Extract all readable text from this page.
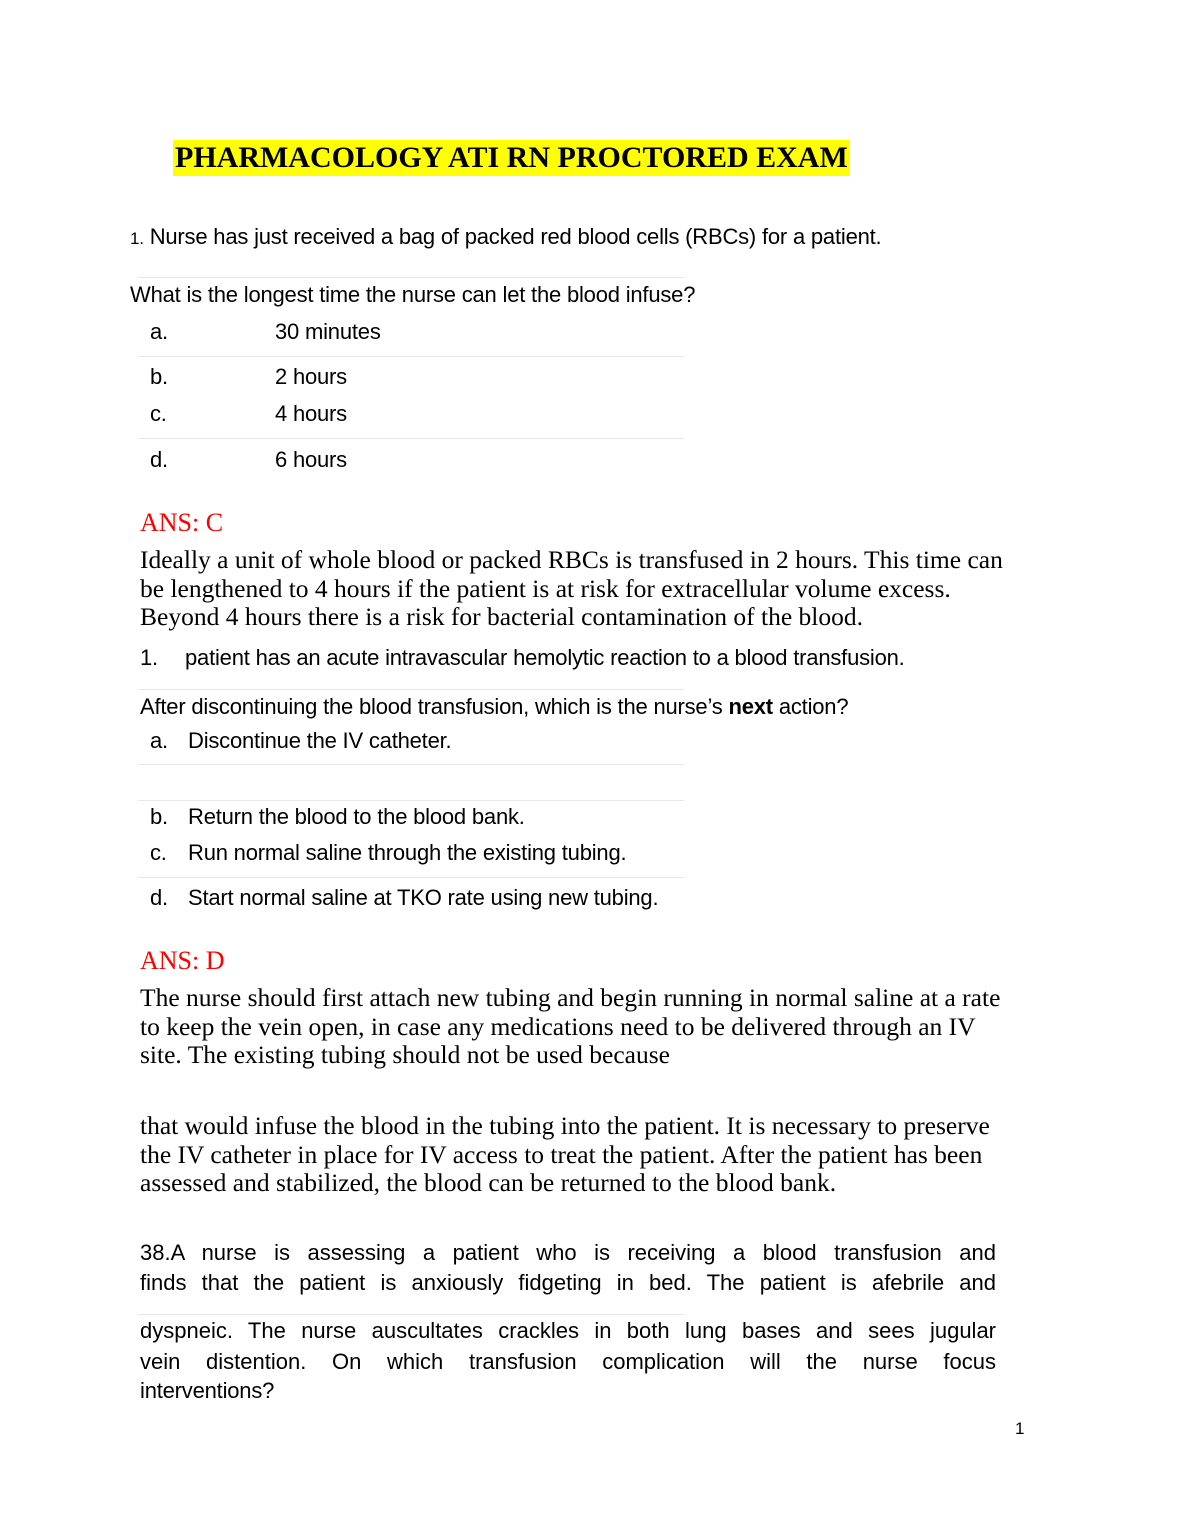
PHARMACOLOGY ATI RN PROCTORED EXAM
1. Nurse has just received a bag of packed red blood cells (RBCs) for a patient.
What is the longest time the nurse can let the blood infuse?
a.	30 minutes
b.	2 hours
c.	4 hours
d.	6 hours
ANS: C
Ideally a unit of whole blood or packed RBCs is transfused in 2 hours. This time can be lengthened to 4 hours if the patient is at risk for extracellular volume excess. Beyond 4 hours there is a risk for bacterial contamination of the blood.
1. patient has an acute intravascular hemolytic reaction to a blood transfusion.
After discontinuing the blood transfusion, which is the nurse’s next action?
a. Discontinue the IV catheter.
b. Return the blood to the blood bank.
c. Run normal saline through the existing tubing.
d. Start normal saline at TKO rate using new tubing.
ANS: D
The nurse should first attach new tubing and begin running in normal saline at a rate to keep the vein open, in case any medications need to be delivered through an IV site. The existing tubing should not be used because
that would infuse the blood in the tubing into the patient. It is necessary to preserve the IV catheter in place for IV access to treat the patient. After the patient has been assessed and stabilized, the blood can be returned to the blood bank.
38.A nurse is assessing a patient who is receiving a blood transfusion and
finds that the patient is anxiously fidgeting in bed. The patient is afebrile and
dyspneic. The nurse auscultates crackles in both lung bases and sees jugular
vein distention. On which transfusion complication will the nurse focus
interventions?
1
